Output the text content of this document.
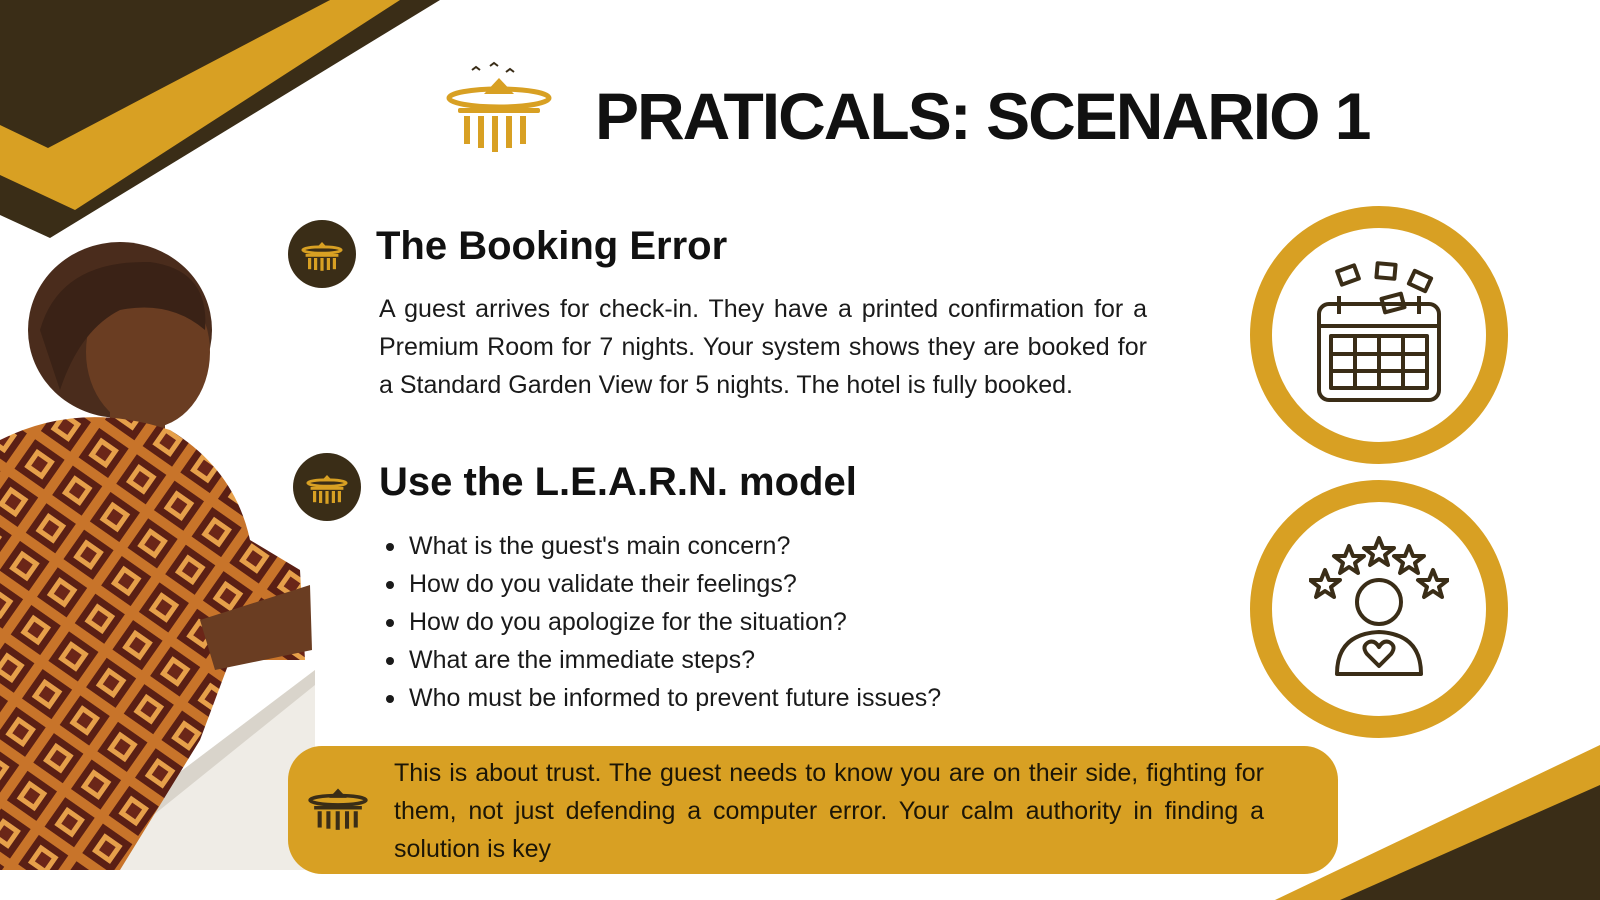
PRATICALS: SCENARIO 1
The Booking Error

A guest arrives for check-in. They have a printed confirmation for a Premium Room for 7 nights. Your system shows they are booked for a Standard Garden View for 5 nights. The hotel is fully booked.

Use the L.E.A.R.N. model
What is the guest's main concern?
How do you validate their feelings?
How do you apologize for the situation?
What are the immediate steps?
Who must be informed to prevent future issues?

This is about trust. The guest needs to know you are on their side, fighting for them, not just defending a computer error. Your calm authority in finding a solution is key
